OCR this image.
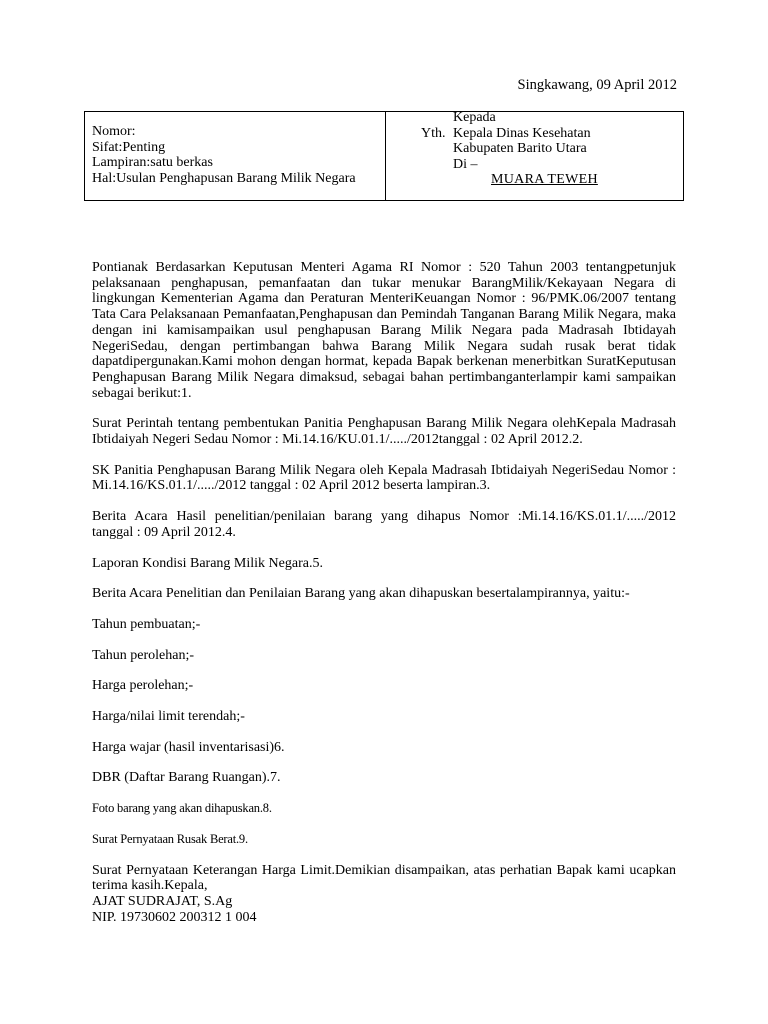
Singkawang, 09 April 2012
Nomor:
Sifat:Penting
Lampiran:satu berkas
Hal:Usulan Penghapusan Barang Milik Negara
Kepada
Yth. Kepala Dinas Kesehatan
Kabupaten Barito Utara
Di –
MUARA TEWEH

Pontianak Berdasarkan Keputusan Menteri Agama RI Nomor : 520 Tahun 2003 tentangpetunjuk pelaksanaan penghapusan, pemanfaatan dan tukar menukar BarangMilik/Kekayaan Negara di lingkungan Kementerian Agama dan Peraturan MenteriKeuangan Nomor : 96/PMK.06/2007 tentang Tata Cara Pelaksanaan Pemanfaatan,Penghapusan dan Pemindah Tanganan Barang Milik Negara, maka dengan ini kamisampaikan usul penghapusan Barang Milik Negara pada Madrasah Ibtidayah NegeriSedau, dengan pertimbangan bahwa Barang Milik Negara sudah rusak berat tidak dapatdipergunakan.Kami mohon dengan hormat, kepada Bapak berkenan menerbitkan SuratKeputusan Penghapusan Barang Milik Negara dimaksud, sebagai bahan pertimbanganterlampir kami sampaikan sebagai berikut:1.

Surat Perintah tentang pembentukan Panitia Penghapusan Barang Milik Negara olehKepala Madrasah Ibtidaiyah Negeri Sedau Nomor : Mi.14.16/KU.01.1/...../2012tanggal : 02 April 2012.2.

SK Panitia Penghapusan Barang Milik Negara oleh Kepala Madrasah Ibtidaiyah NegeriSedau Nomor : Mi.14.16/KS.01.1/...../2012 tanggal : 02 April 2012 beserta lampiran.3.

Berita Acara Hasil penelitian/penilaian barang yang dihapus Nomor :Mi.14.16/KS.01.1/...../2012 tanggal : 09 April 2012.4.

Laporan Kondisi Barang Milik Negara.5.

Berita Acara Penelitian dan Penilaian Barang yang akan dihapuskan besertalampirannya, yaitu:-

Tahun pembuatan;-

Tahun perolehan;-

Harga perolehan;-

Harga/nilai limit terendah;-

Harga wajar (hasil inventarisasi)6.

DBR (Daftar Barang Ruangan).7.

Foto barang yang akan dihapuskan.8.

Surat Pernyataan Rusak Berat.9.

Surat Pernyataan Keterangan Harga Limit.Demikian disampaikan, atas perhatian Bapak kami ucapkan terima kasih.Kepala,

AJAT SUDRAJAT, S.Ag

NIP. 19730602 200312 1 004
